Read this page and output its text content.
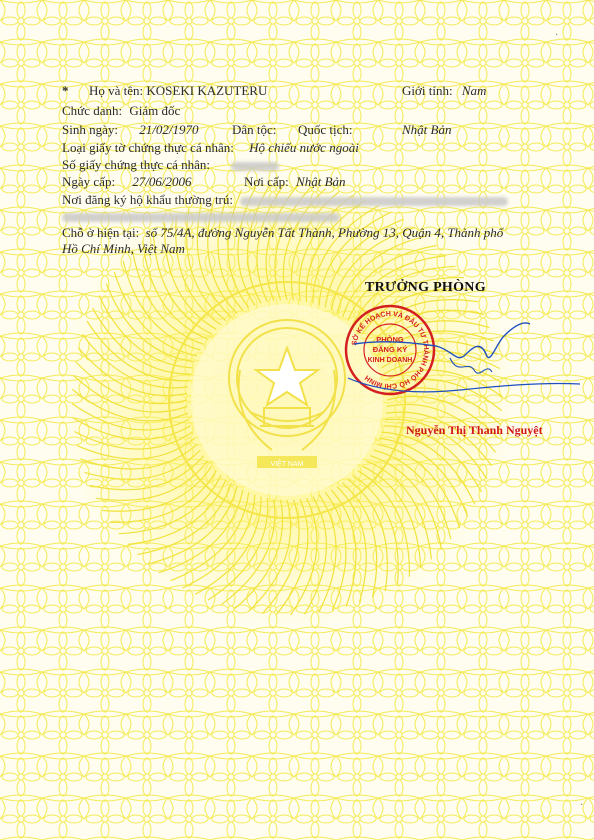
VIỆT NAM
* Họ và tên: KOSEKI KAZUTERU	Giới tính: Nam
Chức danh: Giám đốc
Sinh ngày: 21/02/1970	Dân tộc: Quốc tịch:	Nhật Bản
Loại giấy tờ chứng thực cá nhân: Hộ chiếu nước ngoài
Số giấy chứng thực cá nhân:
Ngày cấp: 27/06/2006	Nơi cấp: Nhật Bản
Nơi đăng ký hộ khẩu thường trú:
Chỗ ở hiện tại: số 75/4A, đường Nguyễn Tất Thành, Phường 13, Quận 4, Thành phố
Hồ Chí Minh, Việt Nam
TRƯỞNG PHÒNG
SỞ KẾ HOẠCH VÀ ĐẦU TƯ THÀNH PHỐ HỒ CHÍ MINH
PHÒNG
ĐĂNG KÝ
KINH DOANH
Nguyễn Thị Thanh Nguyệt
·
·
